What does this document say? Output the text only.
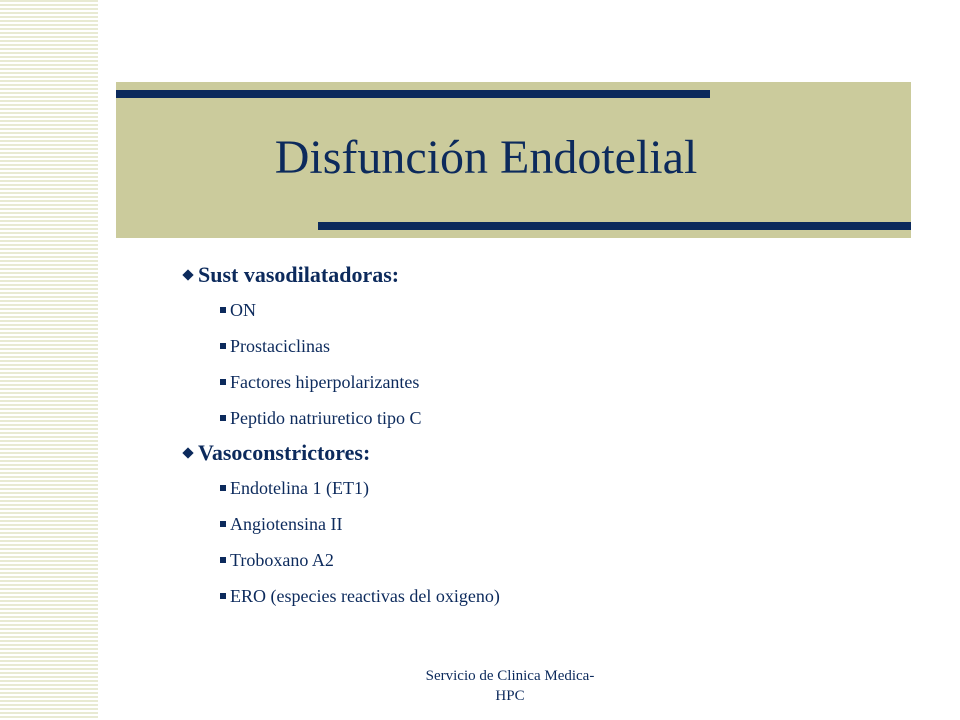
Disfunción Endotelial
Sust vasodilatadoras:
ON
Prostaciclinas
Factores hiperpolarizantes
Peptido natriuretico tipo C
Vasoconstrictores:
Endotelina 1 (ET1)
Angiotensina II
Troboxano A2
ERO (especies reactivas del oxigeno)
Servicio de Clinica Medica-
HPC
